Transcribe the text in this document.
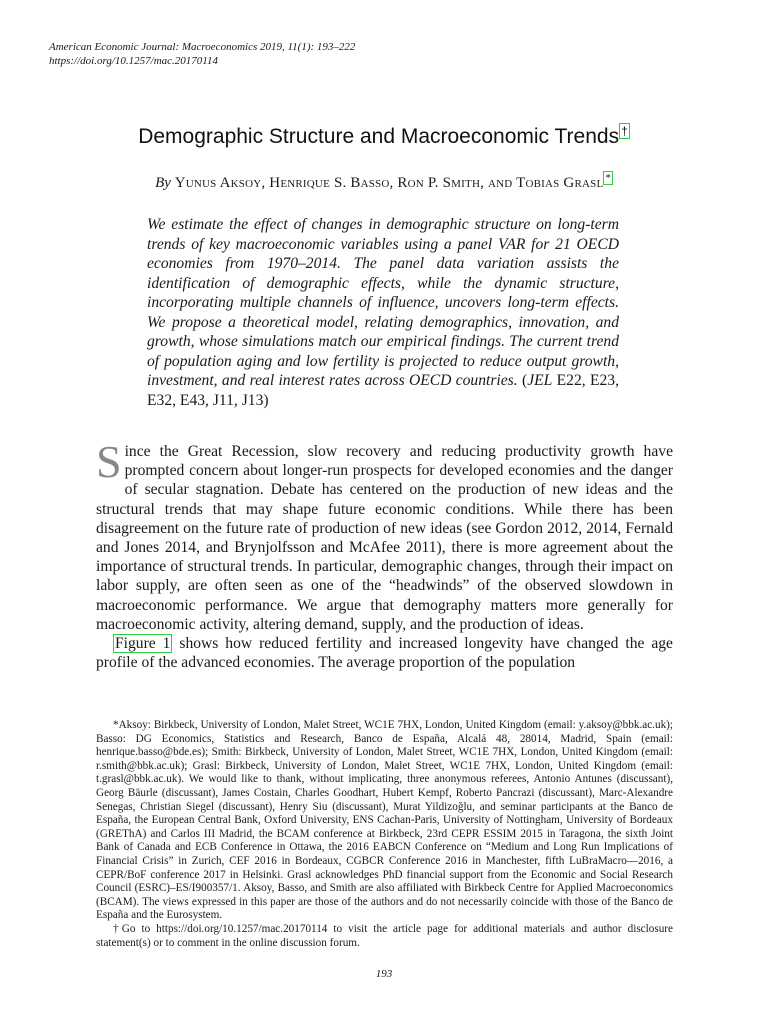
American Economic Journal: Macroeconomics 2019, 11(1): 193–222
https://doi.org/10.1257/mac.20170114
Demographic Structure and Macroeconomic Trends †
By Yunus Aksoy, Henrique S. Basso, Ron P. Smith, and Tobias Grasl *
We estimate the effect of changes in demographic structure on long-term trends of key macroeconomic variables using a panel VAR for 21 OECD economies from 1970–2014. The panel data variation assists the identification of demographic effects, while the dynamic structure, incorporating multiple channels of influence, uncovers long-term effects. We propose a theoretical model, relating demographics, innovation, and growth, whose simulations match our empirical findings. The current trend of population aging and low fertility is projected to reduce output growth, investment, and real interest rates across OECD countries. (JEL E22, E23, E32, E43, J11, J13)

Since the Great Recession, slow recovery and reducing productivity growth have prompted concern about longer-run prospects for developed economies and the danger of secular stagnation. Debate has centered on the production of new ideas and the structural trends that may shape future economic conditions. While there has been disagreement on the future rate of production of new ideas (see Gordon 2012, 2014, Fernald and Jones 2014, and Brynjolfsson and McAfee 2011), there is more agreement about the importance of structural trends. In particular, demographic changes, through their impact on labor supply, are often seen as one of the “headwinds” of the observed slowdown in macroeconomic performance. We argue that demography matters more generally for macroeconomic activity, altering demand, supply, and the production of ideas.

Figure 1 shows how reduced fertility and increased longevity have changed the age profile of the advanced economies. The average proportion of the population

*Aksoy: Birkbeck, University of London, Malet Street, WC1E 7HX, London, United Kingdom (email: y.aksoy@bbk.ac.uk); Basso: DG Economics, Statistics and Research, Banco de España, Alcalá 48, 28014, Madrid, Spain (email: henrique.basso@bde.es); Smith: Birkbeck, University of London, Malet Street, WC1E 7HX, London, United Kingdom (email: r.smith@bbk.ac.uk); Grasl: Birkbeck, University of London, Malet Street, WC1E 7HX, London, United Kingdom (email: t.grasl@bbk.ac.uk). We would like to thank, without implicating, three anonymous referees, Antonio Antunes (discussant), Georg Bäurle (discussant), James Costain, Charles Goodhart, Hubert Kempf, Roberto Pancrazi (discussant), Marc-Alexandre Senegas, Christian Siegel (discussant), Henry Siu (discussant), Murat Yildizoğlu, and seminar participants at the Banco de España, the European Central Bank, Oxford University, ENS Cachan-Paris, University of Nottingham, University of Bordeaux (GREThA) and Carlos III Madrid, the BCAM conference at Birkbeck, 23rd CEPR ESSIM 2015 in Taragona, the sixth Joint Bank of Canada and ECB Conference in Ottawa, the 2016 EABCN Conference on “Medium and Long Run Implications of Financial Crisis” in Zurich, CEF 2016 in Bordeaux, CGBCR Conference 2016 in Manchester, fifth LuBraMacro—2016, a CEPR/BoF conference 2017 in Helsinki. Grasl acknowledges PhD financial support from the Economic and Social Research Council (ESRC)–ES/I900357/1. Aksoy, Basso, and Smith are also affiliated with Birkbeck Centre for Applied Macroeconomics (BCAM). The views expressed in this paper are those of the authors and do not necessarily coincide with those of the Banco de España and the Eurosystem.

†Go to https://doi.org/10.1257/mac.20170114 to visit the article page for additional materials and author disclosure statement(s) or to comment in the online discussion forum.

193
